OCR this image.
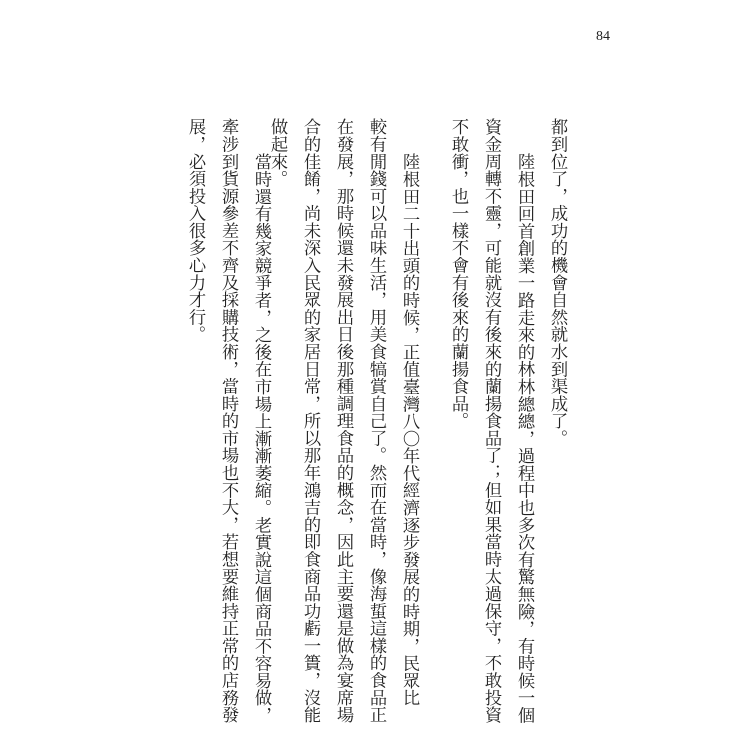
84
都到位了，成功的機會自然就水到渠成了。
陸根田回首創業一路走來的林林總總，過程中也多次有驚無險，有時候一個
資金周轉不靈，可能就沒有後來的蘭揚食品了；但如果當時太過保守，不敢投資
不敢衝，也一樣不會有後來的蘭揚食品。
陸根田二十出頭的時候，正值臺灣八〇年代經濟逐步發展的時期，民眾比
較有閒錢可以品味生活，用美食犒賞自己了。然而在當時，像海蜇這樣的食品正
在發展，那時候還未發展出日後那種調理食品的概念，因此主要還是做為宴席場
合的佳餚，尚未深入民眾的家居日常，所以那年鴻吉的即食商品功虧一簣，沒能
做起來。
當時還有幾家競爭者，之後在市場上漸漸萎縮。老實說這個商品不容易做，
牽涉到貨源參差不齊及採購技術，當時的市場也不大，若想要維持正常的店務發
展，必須投入很多心力才行。
